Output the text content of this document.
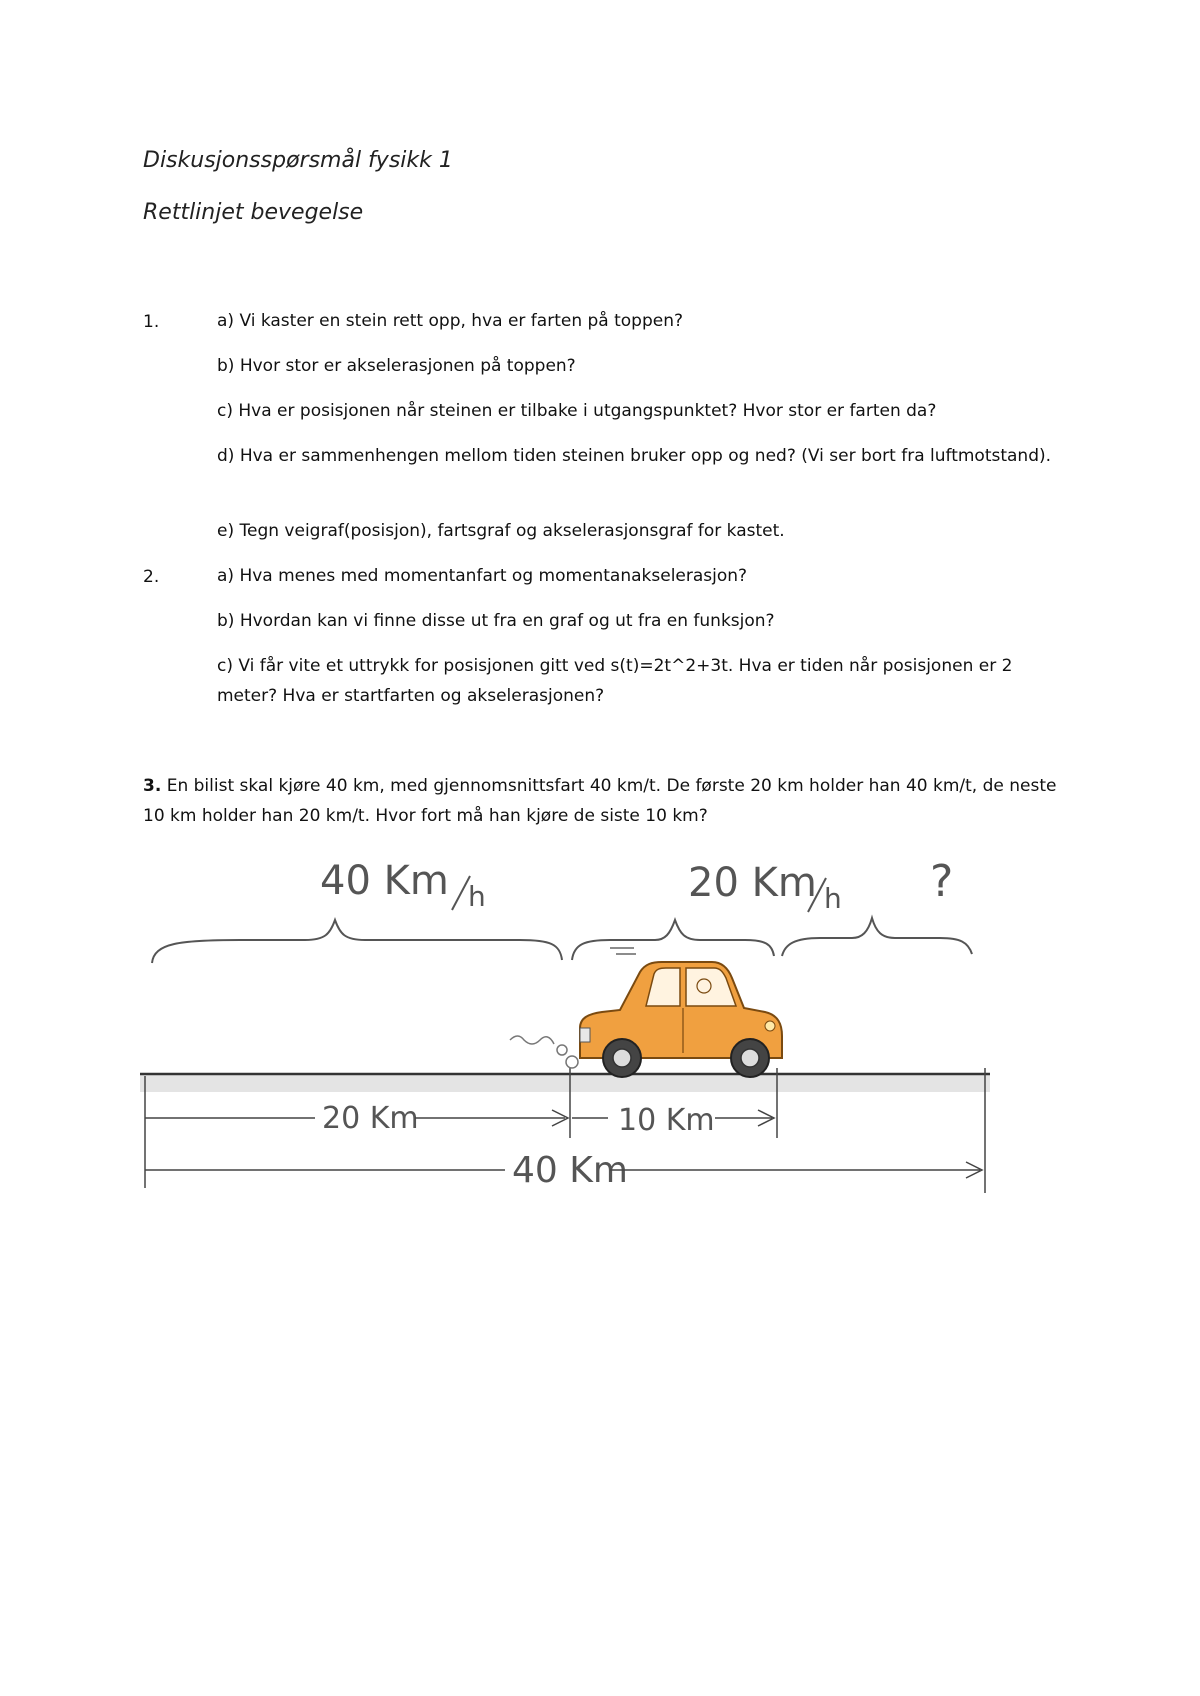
Diskusjonsspørsmål fysikk 1
Rettlinjet bevegelse
1.	a) Vi kaster en stein rett opp, hva er farten på toppen?
b) Hvor stor er akselerasjonen på toppen?
c) Hva er posisjonen når steinen er tilbake i utgangspunktet? Hvor stor er farten da?
d) Hva er sammenhengen mellom tiden steinen bruker opp og ned? (Vi ser bort fra luftmotstand).
e) Tegn veigraf(posisjon), fartsgraf og akselerasjonsgraf for kastet.
2.	a) Hva menes med momentanfart og momentanakselerasjon?
b) Hvordan kan vi finne disse ut fra en graf og ut fra en funksjon?
c) Vi får vite et uttrykk for posisjonen gitt ved s(t)=2t^2+3t. Hva er tiden når posisjonen er 2 meter? Hva er startfarten og akselerasjonen?
3. En bilist skal kjøre 40 km, med gjennomsnittsfart 40 km/t. De første 20 km holder han 40 km/t, de neste 10 km holder han 20 km/t. Hvor fort må han kjøre de siste 10 km?
40 Km h	20 Km h ?
20 Km	10 Km
40 Km
